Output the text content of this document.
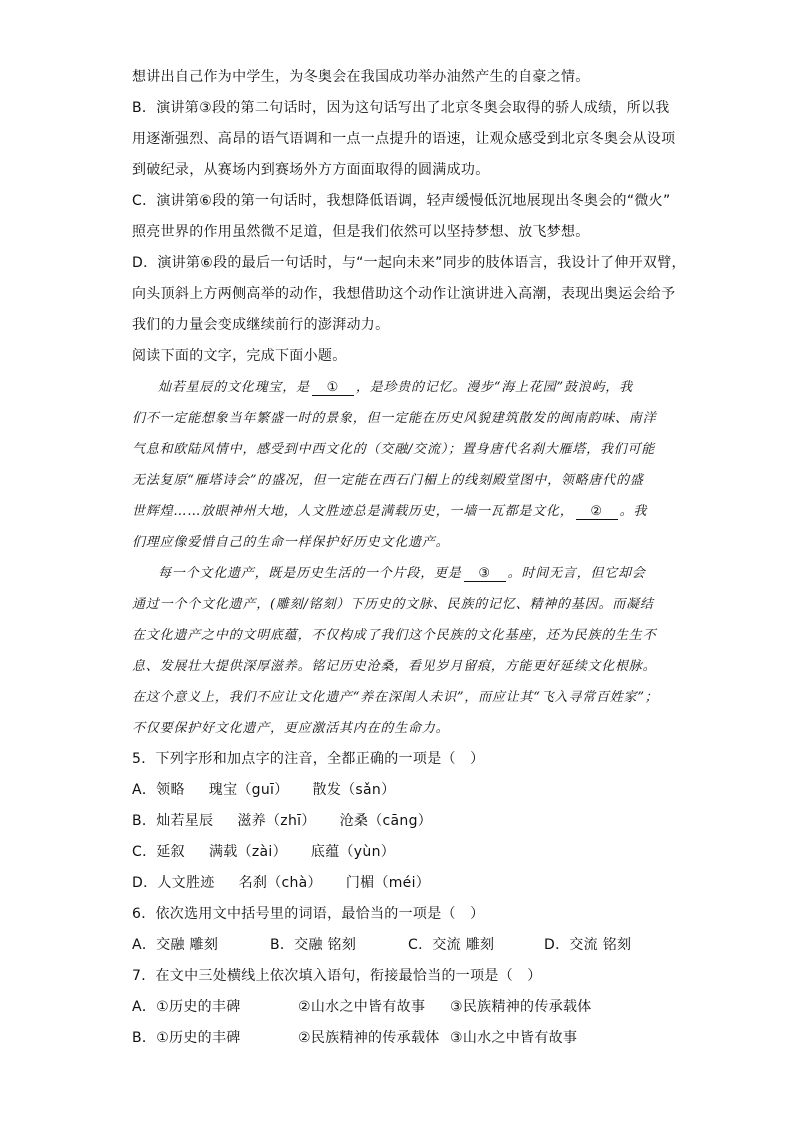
想讲出自己作为中学生，为冬奥会在我国成功举办油然产生的自豪之情。
B．演讲第③段的第二句话时，因为这句话写出了北京冬奥会取得的骄人成绩，所以我
用逐渐强烈、高昂的语气语调和一点一点提升的语速，让观众感受到北京冬奥会从设项
到破纪录，从赛场内到赛场外方方面面取得的圆满成功。
C．演讲第⑥段的第一句话时，我想降低语调，轻声缓慢低沉地展现出冬奥会的“微火”
照亮世界的作用虽然微不足道，但是我们依然可以坚持梦想、放飞梦想。
D．演讲第⑥段的最后一句话时，与“一起向未来”同步的肢体语言，我设计了伸开双臂，
向头顶斜上方两侧高举的动作，我想借助这个动作让演讲进入高潮，表现出奥运会给予
我们的力量会变成继续前行的澎湃动力。
阅读下面的文字，完成下面小题。
灿若星辰的文化瑰宝，是 ① ，是珍贵的记忆。漫步“海上花园”鼓浪屿，我
们不一定能想象当年繁盛一时的景象，但一定能在历史风貌建筑散发的闽南韵味、南洋
气息和欧陆风情中，感受到中西文化的（交融/交流）；置身唐代名刹大雁塔，我们可能
无法复原“雁塔诗会”的盛况，但一定能在西石门楣上的线刻殿堂图中，领略唐代的盛
世辉煌……放眼神州大地，人文胜迹总是满载历史，一墙一瓦都是文化， ② 。我
们理应像爱惜自己的生命一样保护好历史文化遗产。
每一个文化遗产，既是历史生活的一个片段，更是 ③ 。时间无言，但它却会
通过一个个文化遗产，(雕刻/铭刻）下历史的文脉、民族的记忆、精神的基因。而凝结
在文化遗产之中的文明底蕴，不仅构成了我们这个民族的文化基座，还为民族的生生不
息、发展壮大提供深厚滋养。铭记历史沧桑，看见岁月留痕，方能更好延续文化根脉。
在这个意义上，我们不应让文化遗产“养在深闺人未识”，而应让其“飞入寻常百姓家”；
不仅要保护好文化遗产，更应激活其内在的生命力。
5．下列字形和加点字的注音，全都正确的一项是（　）
A．领略 瑰宝（guī） 散发（sǎn）
B．灿若星辰 滋养（zhī） 沧桑（cāng）
C．延叙 满载（zài） 底蕴（yùn）
D．人文胜迹 名刹（chà） 门楣（méi）
6．依次选用文中括号里的词语，最恰当的一项是（　）
A．交融 雕刻	B．交融 铭刻	C．交流 雕刻	D．交流 铭刻
7．在文中三处横线上依次填入语句，衔接最恰当的一项是（　）
A．①历史的丰碑	②山水之中皆有故事 ③民族精神的传承载体
B．①历史的丰碑	②民族精神的传承载体 ③山水之中皆有故事
